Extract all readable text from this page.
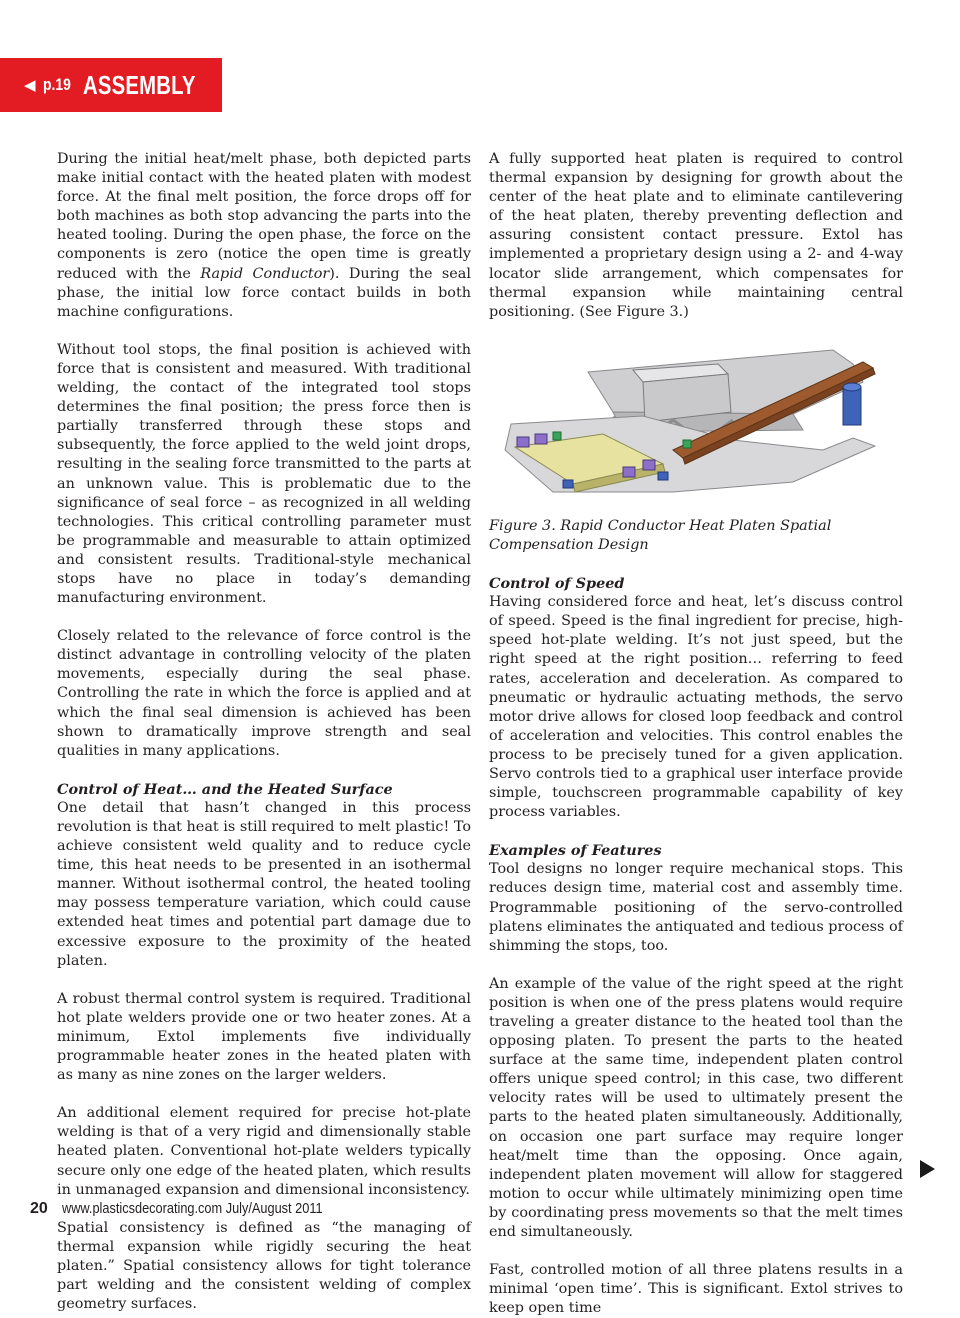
◀ p.19 ASSEMBLY

During the initial heat/melt phase, both depicted parts make initial contact with the heated platen with modest force. At the final melt position, the force drops off for both machines as both stop advancing the parts into the heated tooling. During the open phase, the force on the components is zero (notice the open time is greatly reduced with the Rapid Conductor). During the seal phase, the initial low force contact builds in both machine configurations.

Without tool stops, the final position is achieved with force that is consistent and measured. With traditional welding, the contact of the integrated tool stops determines the final position; the press force then is partially transferred through these stops and subsequently, the force applied to the weld joint drops, resulting in the sealing force transmitted to the parts at an unknown value. This is problematic due to the significance of seal force – as recognized in all welding technologies. This critical controlling parameter must be programmable and measurable to attain optimized and consistent results. Traditional-style mechanical stops have no place in today’s demanding manufacturing environment.

Closely related to the relevance of force control is the distinct advantage in controlling velocity of the platen movements, especially during the seal phase. Controlling the rate in which the force is applied and at which the final seal dimension is achieved has been shown to dramatically improve strength and seal qualities in many applications.

Control of Heat… and the Heated Surface

One detail that hasn’t changed in this process revolution is that heat is still required to melt plastic! To achieve consistent weld quality and to reduce cycle time, this heat needs to be presented in an isothermal manner. Without isothermal control, the heated tooling may possess temperature variation, which could cause extended heat times and potential part damage due to excessive exposure to the proximity of the heated platen.

A robust thermal control system is required. Traditional hot plate welders provide one or two heater zones. At a minimum, Extol implements five individually programmable heater zones in the heated platen with as many as nine zones on the larger welders.

An additional element required for precise hot-plate welding is that of a very rigid and dimensionally stable heated platen. Conventional hot-plate welders typically secure only one edge of the heated platen, which results in unmanaged expansion and dimensional inconsistency.

Spatial consistency is defined as “the managing of thermal expansion while rigidly securing the heat platen.” Spatial consistency allows for tight tolerance part welding and the consistent welding of complex geometry surfaces.

A fully supported heat platen is required to control thermal expansion by designing for growth about the center of the heat plate and to eliminate cantilevering of the heat platen, thereby preventing deflection and assuring consistent contact pressure. Extol has implemented a proprietary design using a 2- and 4-way locator slide arrangement, which compensates for thermal expansion while maintaining central positioning. (See Figure 3.)

Figure 3. Rapid Conductor Heat Platen Spatial Compensation Design

Control of Speed

Having considered force and heat, let’s discuss control of speed. Speed is the final ingredient for precise, high-speed hot-plate welding. It’s not just speed, but the right speed at the right position… referring to feed rates, acceleration and deceleration. As compared to pneumatic or hydraulic actuating methods, the servo motor drive allows for closed loop feedback and control of acceleration and velocities. This control enables the process to be precisely tuned for a given application. Servo controls tied to a graphical user interface provide simple, touchscreen programmable capability of key process variables.

Examples of Features

Tool designs no longer require mechanical stops. This reduces design time, material cost and assembly time. Programmable positioning of the servo-controlled platens eliminates the antiquated and tedious process of shimming the stops, too.

An example of the value of the right speed at the right position is when one of the press platens would require traveling a greater distance to the heated tool than the opposing platen. To present the parts to the heated surface at the same time, independent platen control offers unique speed control; in this case, two different velocity rates will be used to ultimately present the parts to the heated platen simultaneously. Additionally, on occasion one part surface may require longer heat/melt time than the opposing. Once again, independent platen movement will allow for staggered motion to occur while ultimately minimizing open time by coordinating press movements so that the melt times end simultaneously.

Fast, controlled motion of all three platens results in a minimal ‘open time’. This is significant. Extol strives to keep open time

20 www.plasticsdecorating.com July/August 2011
